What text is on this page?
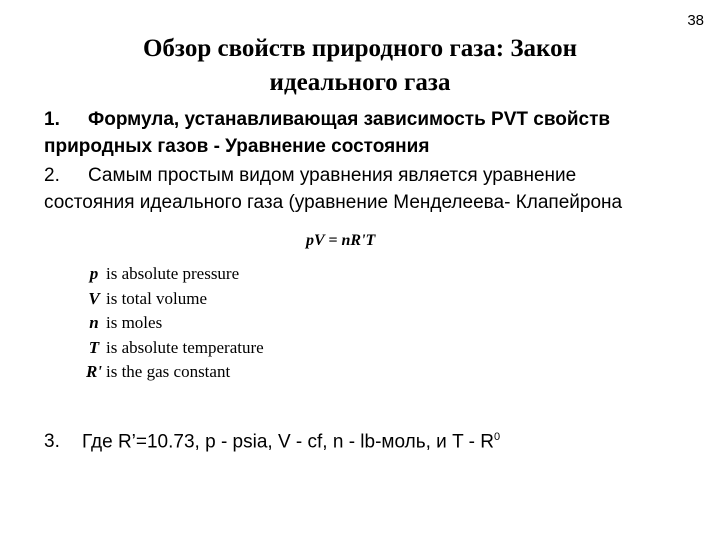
38
Обзор свойств природного газа: Закон
идеального газа
1. Формула, устанавливающая зависимость PVT свойств
природных газов - Уравнение состояния
2. Самым простым видом уравнения является уравнение
состояния идеального газа (уравнение Менделеева- Клапейрона
pV = nR'T
p is absolute pressure
V is total volume
n is moles
T is absolute temperature
R' is the gas constant
3. Где R’=10.73, p - psia, V - cf, n - lb-моль, и T - $R^0$
